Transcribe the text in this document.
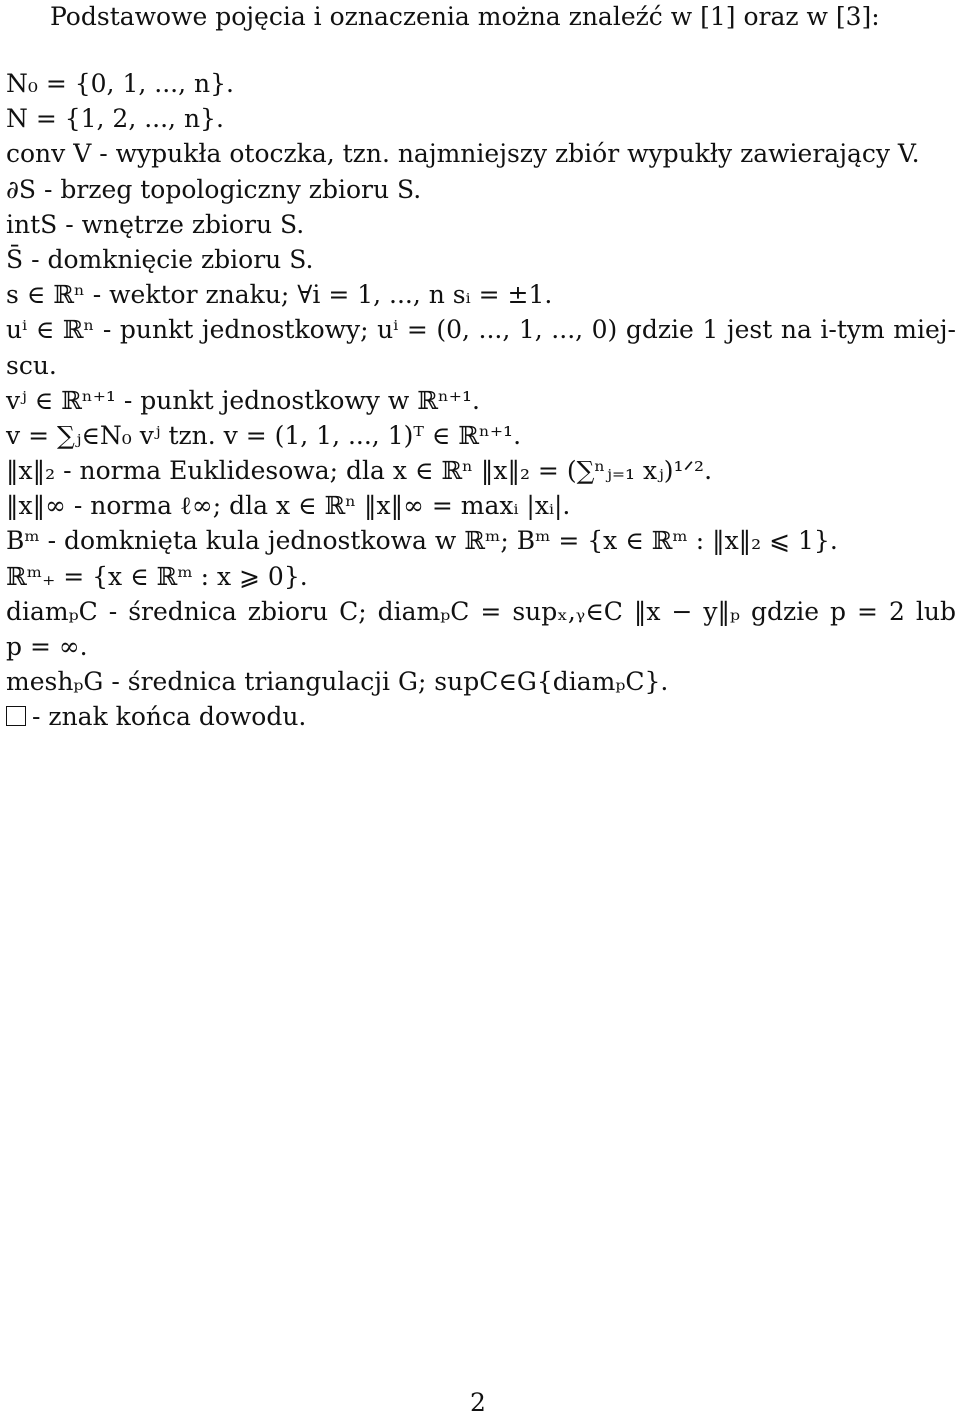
Podstawowe pojęcia i oznaczenia można znaleźć w [1] oraz w [3]:
N₀ = {0, 1, ..., n}.
N = {1, 2, ..., n}.
conv V - wypukła otoczka, tzn. najmniejszy zbiór wypukły zawierający V.
∂S - brzeg topologiczny zbioru S.
intS - wnętrze zbioru S.
S̄ - domknięcie zbioru S.
s ∈ ℝⁿ - wektor znaku; ∀i = 1, ..., n sᵢ = ±1.
uⁱ ∈ ℝⁿ - punkt jednostkowy; uⁱ = (0, ..., 1, ..., 0) gdzie 1 jest na i-tym miej-
scu.
vʲ ∈ ℝⁿ⁺¹ - punkt jednostkowy w ℝⁿ⁺¹.
v = ∑ⱼ∈N₀ vʲ tzn. v = (1, 1, ..., 1)ᵀ ∈ ℝⁿ⁺¹.
‖x‖₂ - norma Euklidesowa; dla x ∈ ℝⁿ ‖x‖₂ = (∑ⁿⱼ₌₁ xⱼ)¹ᐟ².
‖x‖∞ - norma ℓ∞; dla x ∈ ℝⁿ ‖x‖∞ = maxᵢ |xᵢ|.
Bᵐ - domknięta kula jednostkowa w ℝᵐ; Bᵐ = {x ∈ ℝᵐ : ‖x‖₂ ⩽ 1}.
ℝᵐ₊ = {x ∈ ℝᵐ : x ⩾ 0}.
diamₚC - średnica zbioru C; diamₚC = supₓ,ᵧ∈C ‖x − y‖ₚ gdzie p = 2 lub
p = ∞.
meshₚG - średnica triangulacji G; supC∈G{diamₚC}.
- znak końca dowodu.
2
